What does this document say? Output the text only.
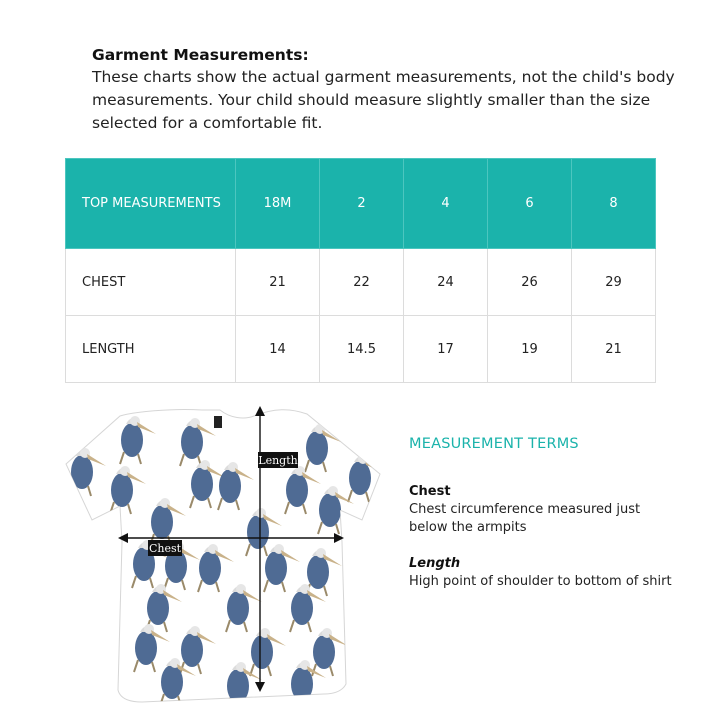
Garment Measurements:
These charts show the actual garment measurements, not the child's body measurements. Your child should measure slightly smaller than the size selected for a comfortable fit.
TOP MEASUREMENTS	18M	2	4	6	8
CHEST	21	22	24	26	29
LENGTH	14	14.5	17	19	21
Length
Chest
MEASUREMENT TERMS
Chest
Chest circumference measured just below the armpits
Length
High point of shoulder to bottom of shirt
